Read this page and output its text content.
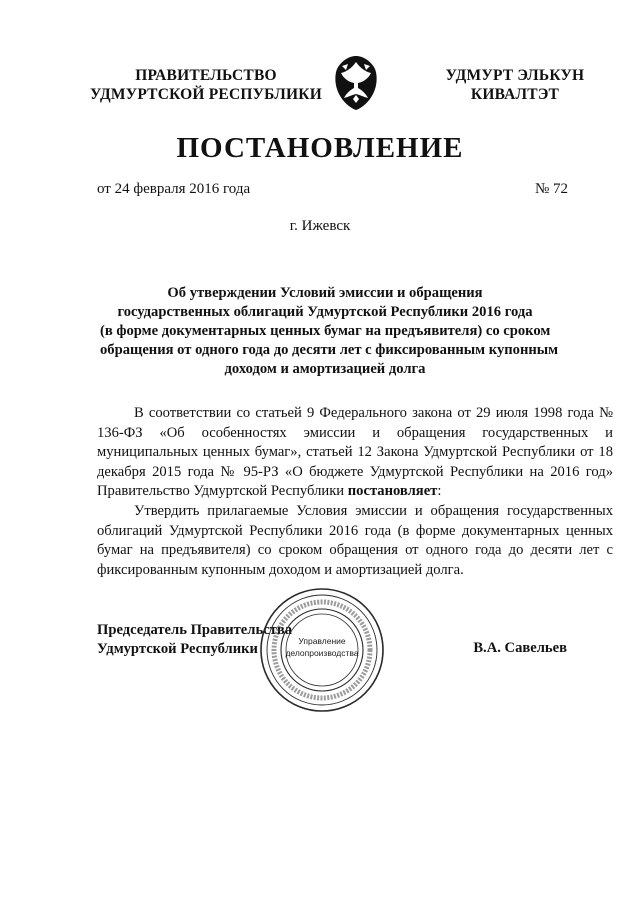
ПРАВИТЕЛЬСТВО
УДМУРТСКОЙ РЕСПУБЛИКИ
УДМУРТ ЭЛЬКУН
КИВАЛТЭТ
ПОСТАНОВЛЕНИЕ
от 24 февраля 2016 года	№ 72
г. Ижевск
Об утверждении Условий эмиссии и обращения
государственных облигаций Удмуртской Республики 2016 года
(в форме документарных ценных бумаг на предъявителя) со сроком
обращения от одного года до десяти лет с фиксированным купонным
доходом и амортизацией долга

В соответствии со статьей 9 Федерального закона от 29 июля 1998 года № 136-ФЗ «Об особенностях эмиссии и обращения государственных и муниципальных ценных бумаг», статьей 12 Закона Удмуртской Республики от 18 декабря 2015 года № 95-РЗ «О бюджете Удмуртской Республики на 2016 год» Правительство Удмуртской Республики постановляет:

Утвердить прилагаемые Условия эмиссии и обращения государственных облигаций Удмуртской Республики 2016 года (в форме документарных ценных бумаг на предъявителя) со сроком обращения от одного года до десяти лет с фиксированным купонным доходом и амортизацией долга.

Председатель Правительства
Удмуртской Республики	Управление
делопроизводства	В.А. Савельев
